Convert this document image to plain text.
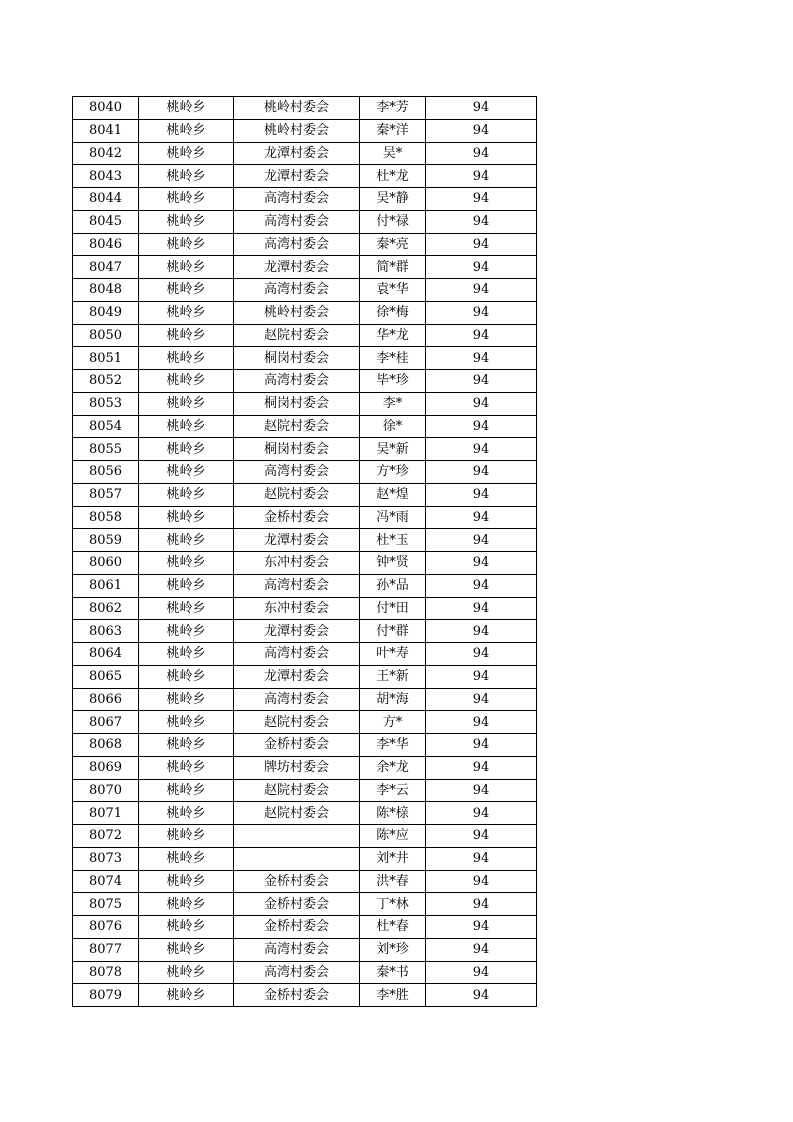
8040	桃岭乡	桃岭村委会	李*芳	94
8041	桃岭乡	桃岭村委会	秦*洋	94
8042	桃岭乡	龙潭村委会	吴*	94
8043	桃岭乡	龙潭村委会	杜*龙	94
8044	桃岭乡	高湾村委会	吴*静	94
8045	桃岭乡	高湾村委会	付*禄	94
8046	桃岭乡	高湾村委会	秦*亮	94
8047	桃岭乡	龙潭村委会	简*群	94
8048	桃岭乡	高湾村委会	袁*华	94
8049	桃岭乡	桃岭村委会	徐*梅	94
8050	桃岭乡	赵院村委会	华*龙	94
8051	桃岭乡	桐岗村委会	李*桂	94
8052	桃岭乡	高湾村委会	毕*珍	94
8053	桃岭乡	桐岗村委会	李*	94
8054	桃岭乡	赵院村委会	徐*	94
8055	桃岭乡	桐岗村委会	吴*新	94
8056	桃岭乡	高湾村委会	方*珍	94
8057	桃岭乡	赵院村委会	赵*煌	94
8058	桃岭乡	金桥村委会	冯*雨	94
8059	桃岭乡	龙潭村委会	杜*玉	94
8060	桃岭乡	东冲村委会	钟*贤	94
8061	桃岭乡	高湾村委会	孙*品	94
8062	桃岭乡	东冲村委会	付*田	94
8063	桃岭乡	龙潭村委会	付*群	94
8064	桃岭乡	高湾村委会	叶*寿	94
8065	桃岭乡	龙潭村委会	王*新	94
8066	桃岭乡	高湾村委会	胡*海	94
8067	桃岭乡	赵院村委会	方*	94
8068	桃岭乡	金桥村委会	李*华	94
8069	桃岭乡	牌坊村委会	余*龙	94
8070	桃岭乡	赵院村委会	李*云	94
8071	桃岭乡	赵院村委会	陈*榇	94
8072	桃岭乡		陈*应	94
8073	桃岭乡		刘*井	94
8074	桃岭乡	金桥村委会	洪*春	94
8075	桃岭乡	金桥村委会	丁*林	94
8076	桃岭乡	金桥村委会	杜*春	94
8077	桃岭乡	高湾村委会	刘*珍	94
8078	桃岭乡	高湾村委会	秦*书	94
8079	桃岭乡	金桥村委会	李*胜	94
